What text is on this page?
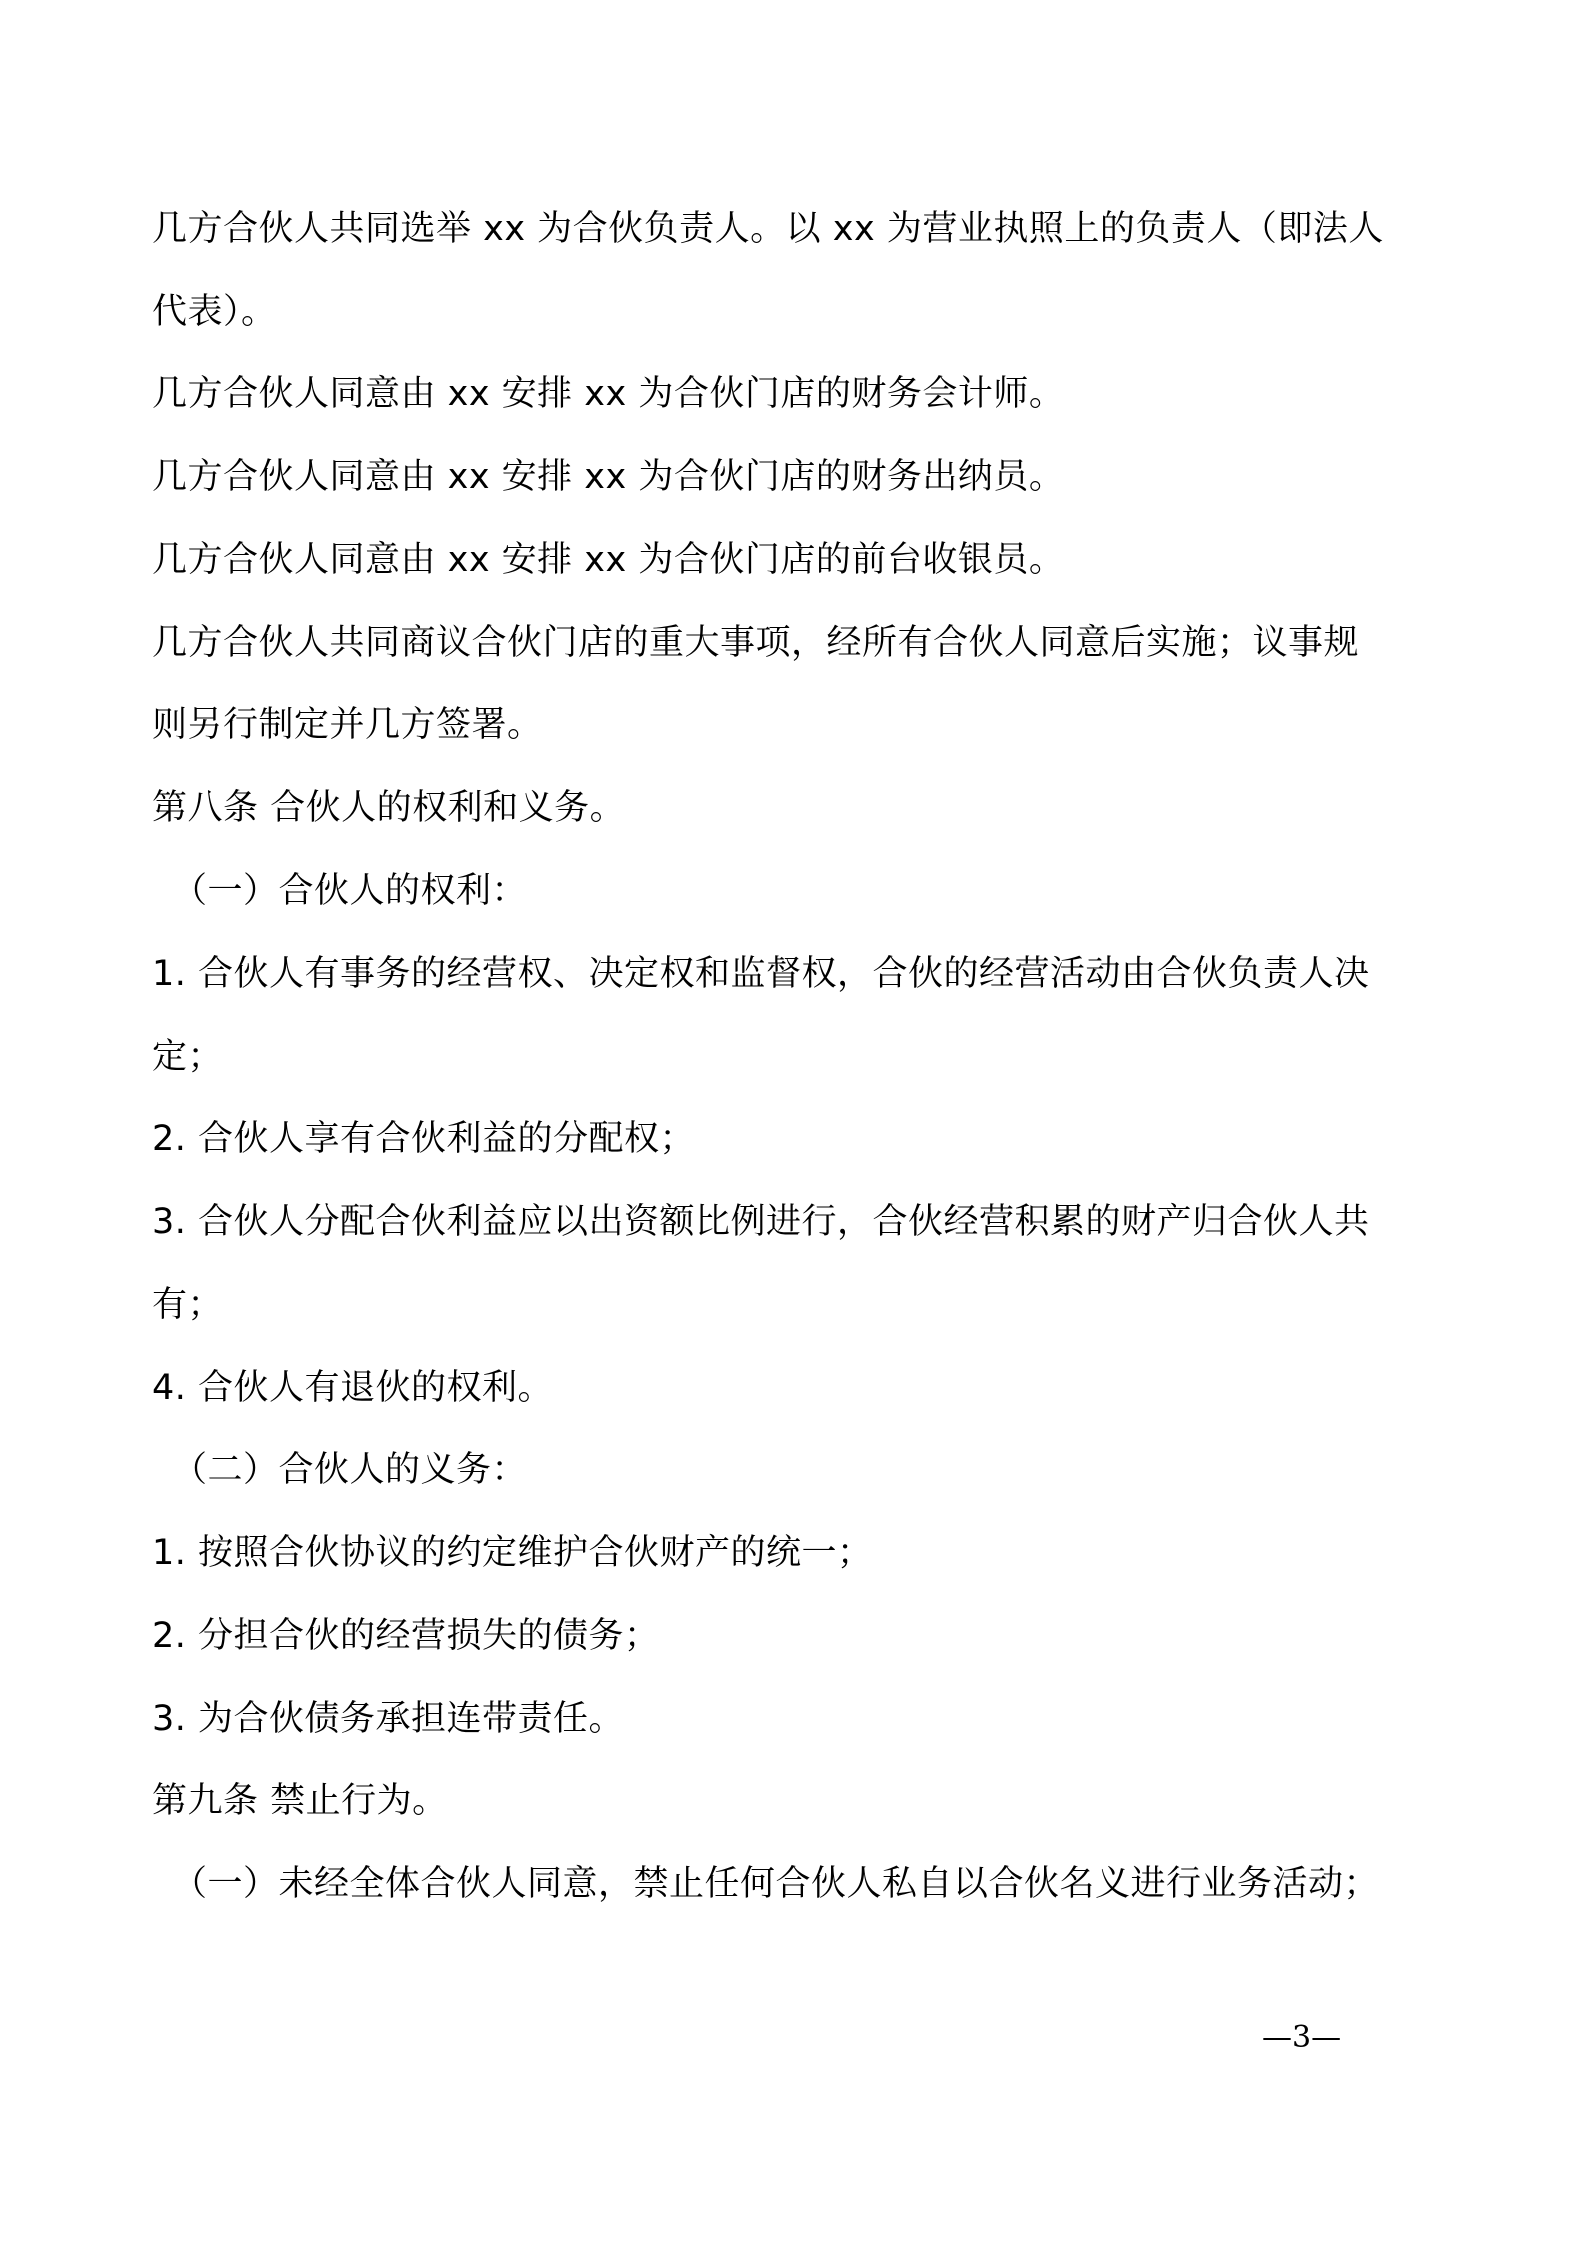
几方合伙人共同选举 xx 为合伙负责人。以 xx 为营业执照上的负责人（即法人
代表）。
几方合伙人同意由 xx 安排 xx 为合伙门店的财务会计师。
几方合伙人同意由 xx 安排 xx 为合伙门店的财务出纳员。
几方合伙人同意由 xx 安排 xx 为合伙门店的前台收银员。
几方合伙人共同商议合伙门店的重大事项，经所有合伙人同意后实施；议事规
则另行制定并几方签署。
第八条 合伙人的权利和义务。
（一）合伙人的权利：
1. 合伙人有事务的经营权、决定权和监督权，合伙的经营活动由合伙负责人决
定；
2. 合伙人享有合伙利益的分配权；
3. 合伙人分配合伙利益应以出资额比例进行，合伙经营积累的财产归合伙人共
有；
4. 合伙人有退伙的权利。
（二）合伙人的义务：
1. 按照合伙协议的约定维护合伙财产的统一；
2. 分担合伙的经营损失的债务；
3. 为合伙债务承担连带责任。
第九条 禁止行为。
（一）未经全体合伙人同意，禁止任何合伙人私自以合伙名义进行业务活动；
—3—
